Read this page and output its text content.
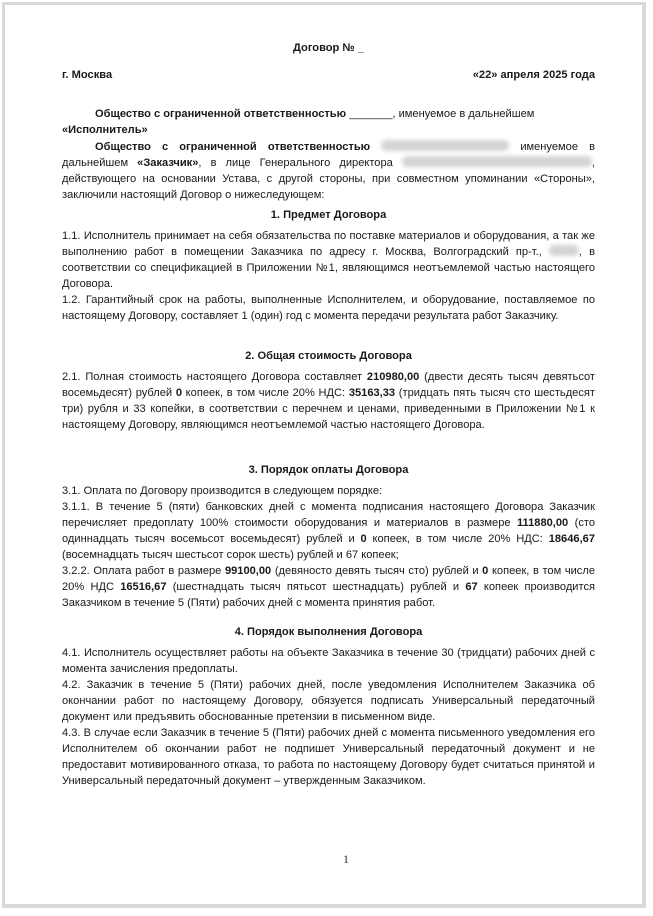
Договор № _
г. Москва	«22» апреля 2025 года

Общество с ограниченной ответственностью _______, именуемое в дальнейшем

«Исполнитель»

Общество с ограниченной ответственностью	именуемое в дальнейшем «Заказчик», в лице Генерального директора	, действующего на основании Устава, с другой стороны, при совместном упоминании «Стороны», заключили настоящий Договор о нижеследующем:

1. Предмет Договора

1.1. Исполнитель принимает на себя обязательства по поставке материалов и оборудования, а так же выполнению работ в помещении Заказчика по адресу г. Москва, Волгоградский пр-т.,	, в соответствии со спецификацией в Приложении №1, являющимся неотъемлемой частью настоящего Договора.

1.2. Гарантийный срок на работы, выполненные Исполнителем, и оборудование, поставляемое по настоящему Договору, составляет 1 (один) год с момента передачи результата работ Заказчику.

2. Общая стоимость Договора

2.1. Полная стоимость настоящего Договора составляет 210980,00 (двести десять тысяч девятьсот восемьдесят) рублей 0 копеек, в том числе 20% НДС: 35163,33 (тридцать пять тысяч сто шестьдесят три) рубля и 33 копейки, в соответствии с перечнем и ценами, приведенными в Приложении №1 к настоящему Договору, являющимся неотъемлемой частью настоящего Договора.

3. Порядок оплаты Договора

3.1. Оплата по Договору производится в следующем порядке:

3.1.1. В течение 5 (пяти) банковских дней с момента подписания настоящего Договора Заказчик перечисляет предоплату 100% стоимости оборудования и материалов в размере 111880,00 (сто одиннадцать тысяч восемьсот восемьдесят) рублей и 0 копеек, в том числе 20% НДС: 18646,67 (восемнадцать тысяч шестьсот сорок шесть) рублей и 67 копеек;

3.2.2. Оплата работ в размере 99100,00 (девяносто девять тысяч сто) рублей и 0 копеек, в том числе 20% НДС 16516,67 (шестнадцать тысяч пятьсот шестнадцать) рублей и 67 копеек производится Заказчиком в течение 5 (Пяти) рабочих дней с момента принятия работ.

4. Порядок выполнения Договора

4.1. Исполнитель осуществляет работы на объекте Заказчика в течение 30 (тридцати) рабочих дней с момента зачисления предоплаты.

4.2. Заказчик в течение 5 (Пяти) рабочих дней, после уведомления Исполнителем Заказчика об окончании работ по настоящему Договору, обязуется подписать Универсальный передаточный документ или предъявить обоснованные претензии в письменном виде.

4.3. В случае если Заказчик в течение 5 (Пяти) рабочих дней с момента письменного уведомления его Исполнителем об окончании работ не подпишет Универсальный передаточный документ и не предоставит мотивированного отказа, то работа по настоящему Договору будет считаться принятой и Универсальный передаточный документ – утвержденным Заказчиком.

1
